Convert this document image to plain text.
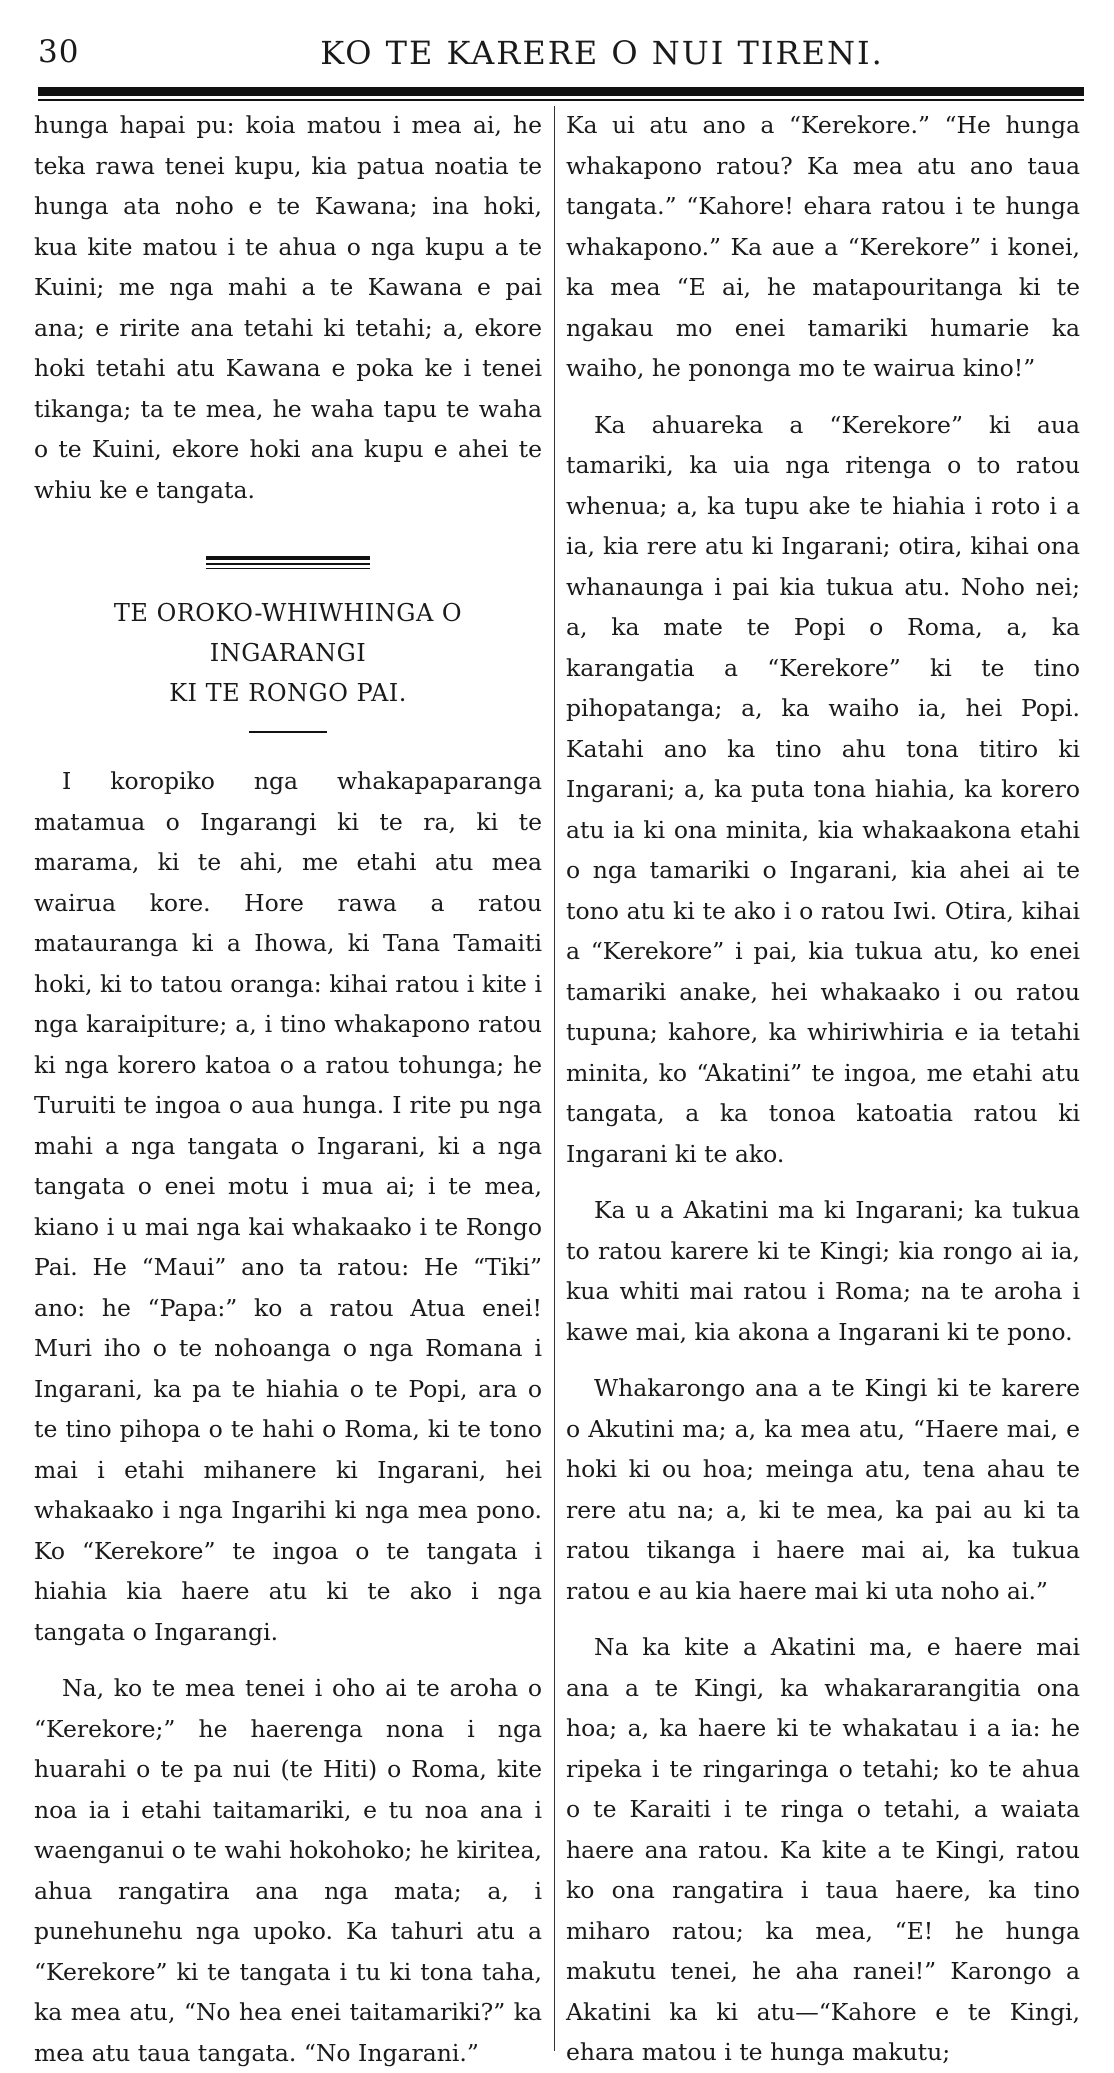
30	KO TE KARERE O NUI TIRENI.

hunga hapai pu: koia matou i mea ai, he teka rawa tenei kupu, kia patua noatia te hunga ata noho e te Kawana; ina hoki, kua kite matou i te ahua o nga kupu a te Kuini; me nga mahi a te Kawana e pai ana; e ririte ana tetahi ki tetahi; a, ekore hoki tetahi atu Kawana e poka ke i tenei tikanga; ta te mea, he waha tapu te waha o te Kuini, ekore hoki ana kupu e ahei te whiu ke e tangata.

TE OROKO-WHIWHINGA O INGARANGI
KI TE RONGO PAI.

I koropiko nga whakapaparanga matamua o Ingarangi ki te ra, ki te marama, ki te ahi, me etahi atu mea wairua kore. Hore rawa a ratou matauranga ki a Ihowa, ki Tana Tamaiti hoki, ki to tatou oranga: kihai ratou i kite i nga karaipiture; a, i tino whakapono ratou ki nga korero katoa o a ratou tohunga; he Turuiti te ingoa o aua hunga. I rite pu nga mahi a nga tangata o Ingarani, ki a nga tangata o enei motu i mua ai; i te mea, kiano i u mai nga kai whakaako i te Rongo Pai. He “Maui” ano ta ratou: He “Tiki” ano: he “Papa:” ko a ratou Atua enei! Muri iho o te nohoanga o nga Romana i Ingarani, ka pa te hiahia o te Popi, ara o te tino pihopa o te hahi o Roma, ki te tono mai i etahi mihanere ki Ingarani, hei whakaako i nga Ingarihi ki nga mea pono. Ko “Kerekore” te ingoa o te tangata i hiahia kia haere atu ki te ako i nga tangata o Ingarangi.

Na, ko te mea tenei i oho ai te aroha o “Kerekore;” he haerenga nona i nga huarahi o te pa nui (te Hiti) o Roma, kite noa ia i etahi taitamariki, e tu noa ana i waenganui o te wahi hokohoko; he kiritea, ahua rangatira ana nga mata; a, i punehunehu nga upoko. Ka tahuri atu a “Kerekore” ki te tangata i tu ki tona taha, ka mea atu, “No hea enei taitamariki?” ka mea atu taua tangata. “No Ingarani.”

Ka ui atu ano a “Kerekore.” “He hunga whakapono ratou? Ka mea atu ano taua tangata.” “Kahore! ehara ratou i te hunga whakapono.” Ka aue a “Kerekore” i konei, ka mea “E ai, he matapouritanga ki te ngakau mo enei tamariki humarie ka waiho, he pononga mo te wairua kino!”

Ka ahuareka a “Kerekore” ki aua tamariki, ka uia nga ritenga o to ratou whenua; a, ka tupu ake te hiahia i roto i a ia, kia rere atu ki Ingarani; otira, kihai ona whanaunga i pai kia tukua atu. Noho nei; a, ka mate te Popi o Roma, a, ka karangatia a “Kerekore” ki te tino pihopatanga; a, ka waiho ia, hei Popi. Katahi ano ka tino ahu tona titiro ki Ingarani; a, ka puta tona hiahia, ka korero atu ia ki ona minita, kia whakaakona etahi o nga tamariki o Ingarani, kia ahei ai te tono atu ki te ako i o ratou Iwi. Otira, kihai a “Kerekore” i pai, kia tukua atu, ko enei tamariki anake, hei whakaako i ou ratou tupuna; kahore, ka whiriwhiria e ia tetahi minita, ko “Akatini” te ingoa, me etahi atu tangata, a ka tonoa katoatia ratou ki Ingarani ki te ako.

Ka u a Akatini ma ki Ingarani; ka tukua to ratou karere ki te Kingi; kia rongo ai ia, kua whiti mai ratou i Roma; na te aroha i kawe mai, kia akona a Ingarani ki te pono.

Whakarongo ana a te Kingi ki te karere o Akutini ma; a, ka mea atu, “Haere mai, e hoki ki ou hoa; meinga atu, tena ahau te rere atu na; a, ki te mea, ka pai au ki ta ratou tikanga i haere mai ai, ka tukua ratou e au kia haere mai ki uta noho ai.”

Na ka kite a Akatini ma, e haere mai ana a te Kingi, ka whakararangitia ona hoa; a, ka haere ki te whakatau i a ia: he ripeka i te ringaringa o tetahi; ko te ahua o te Karaiti i te ringa o tetahi, a waiata haere ana ratou. Ka kite a te Kingi, ratou ko ona rangatira i taua haere, ka tino miharo ratou; ka mea, “E! he hunga makutu tenei, he aha ranei!” Karongo a Akatini ka ki atu—“Kahore e te Kingi, ehara matou i te hunga makutu;
